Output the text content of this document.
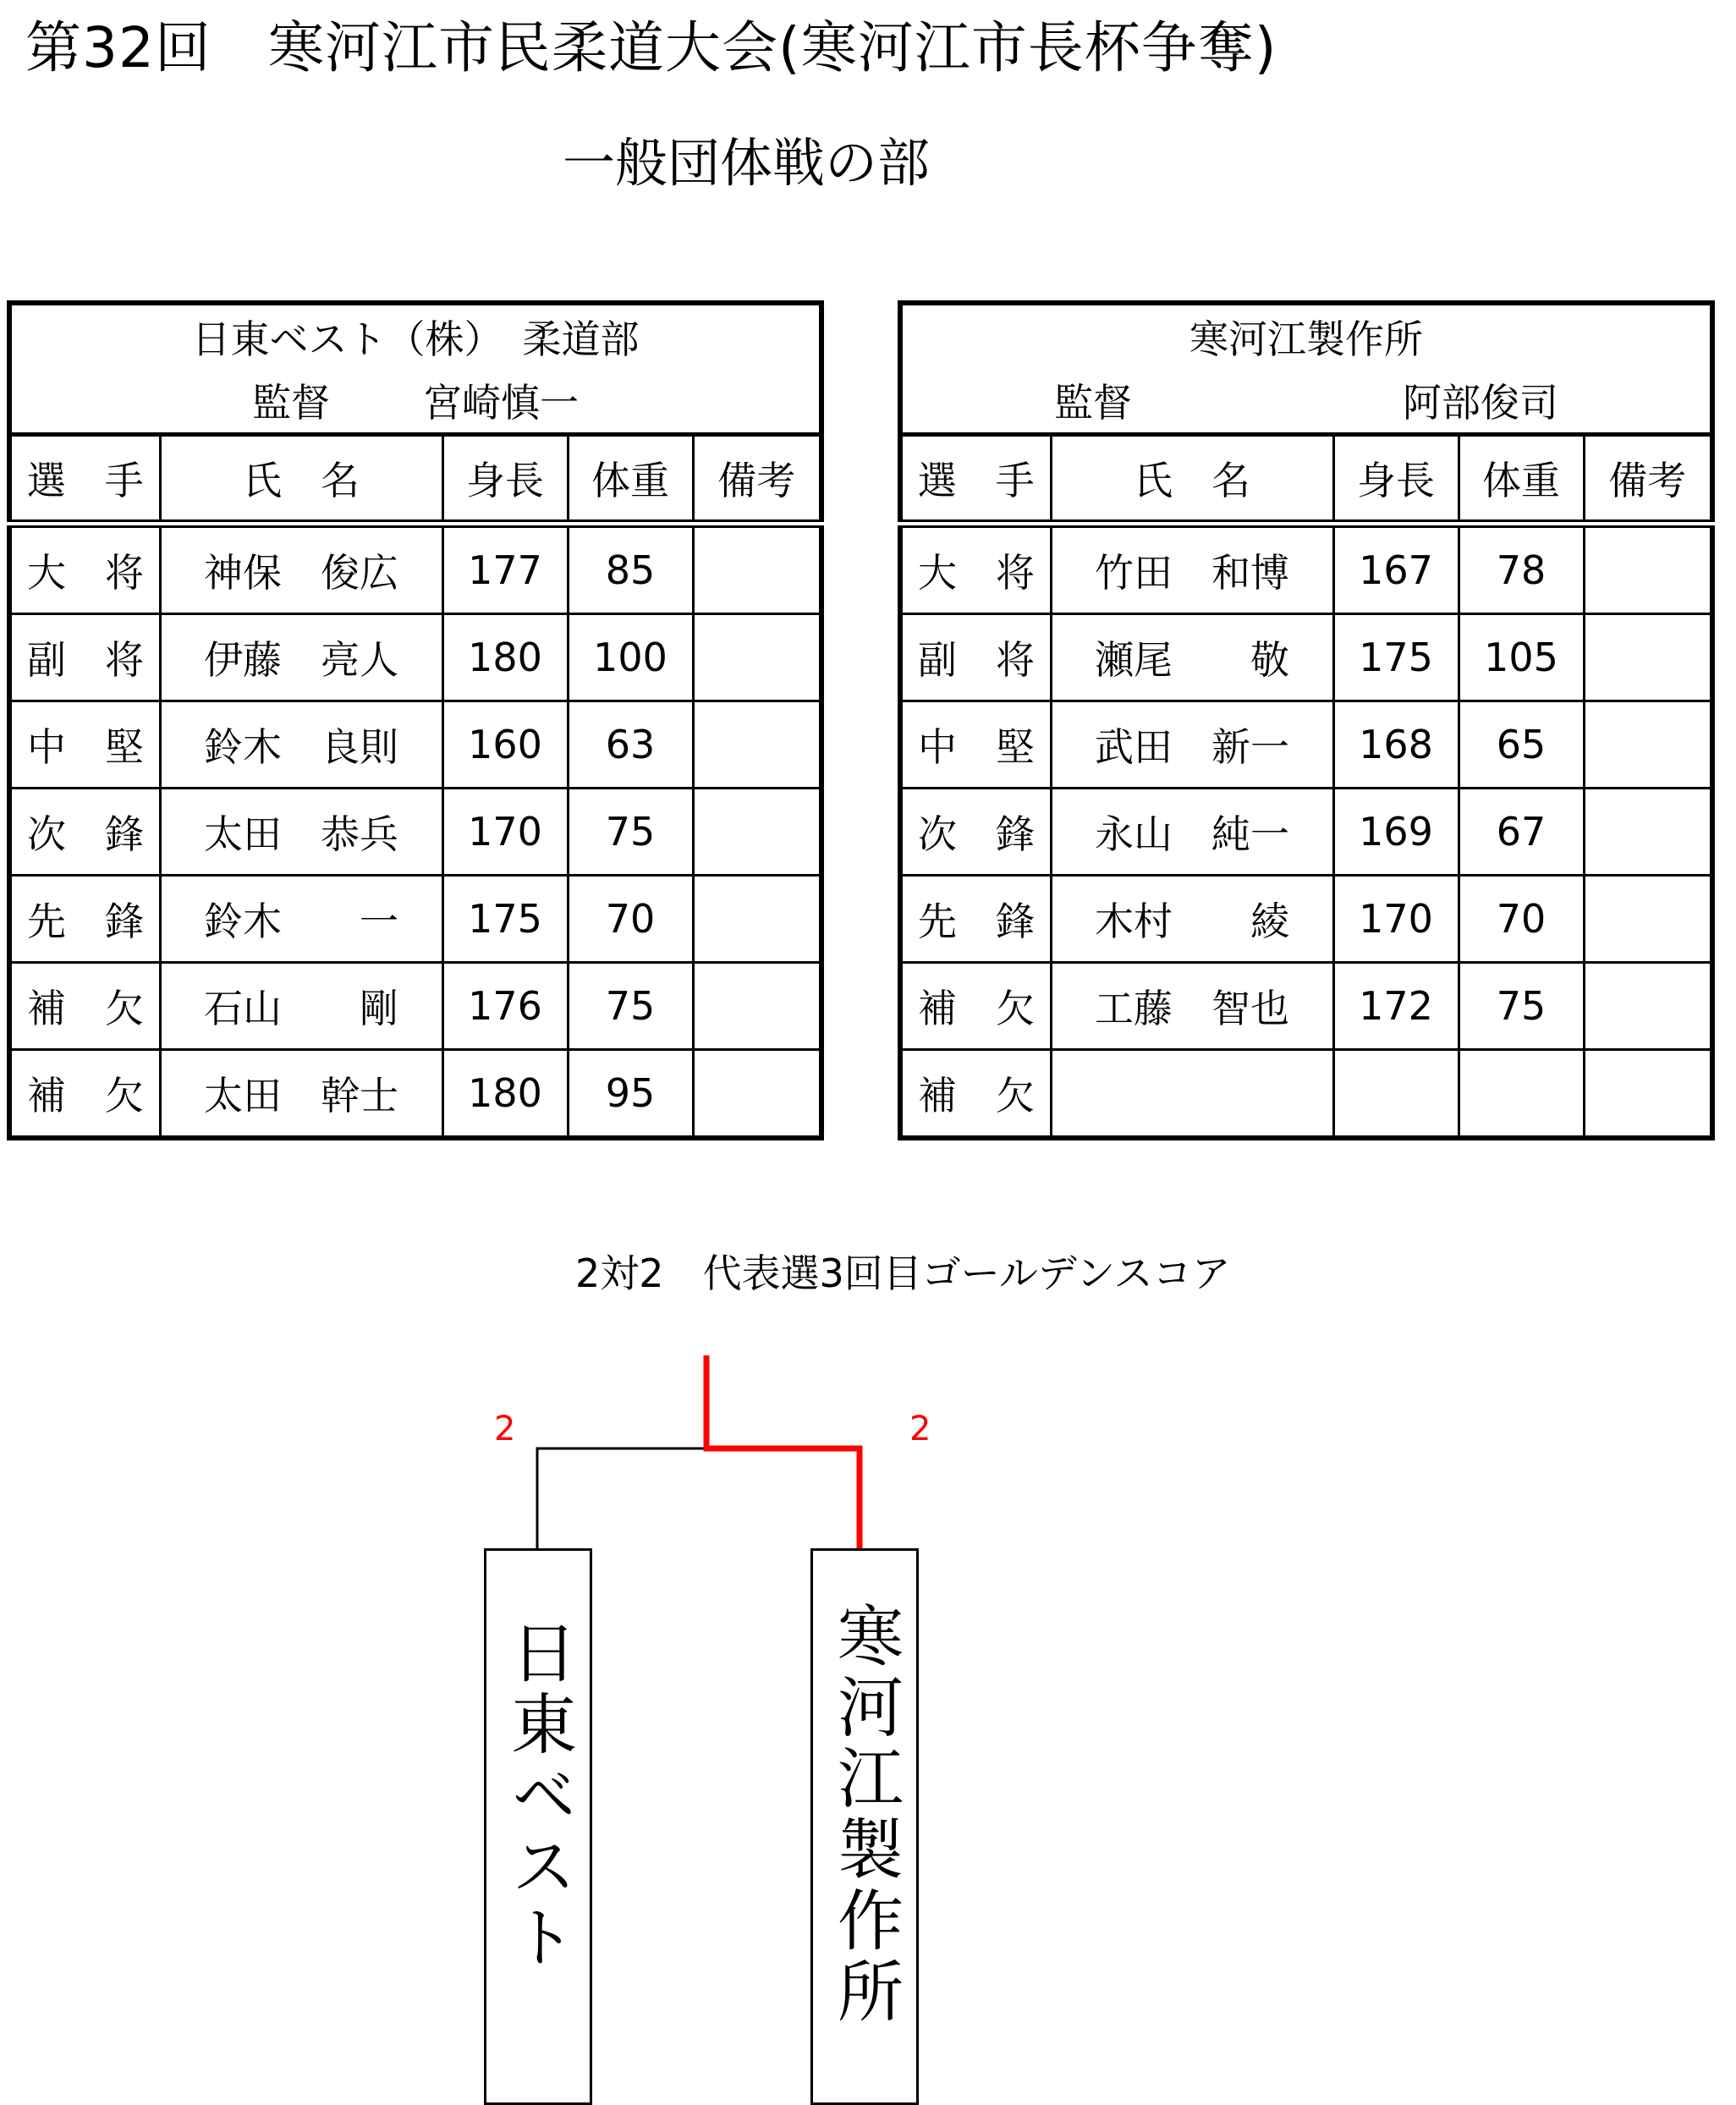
第32回　寒河江市民柔道大会(寒河江市長杯争奪)
一般団体戦の部
日東ベスト（株）　柔道部				
監督 宮崎慎一				
選　手	氏　名	身長	体重	備考
大　将	神保　俊広	177	85	
副　将	伊藤　亮人	180	100	
中　堅	鈴木　良則	160	63	
次　鋒	太田　恭兵	170	75	
先　鋒	鈴木　　一	175	70	
補　欠	石山　　剛	176	75	
補　欠	太田　幹士	180	95	
寒河江製作所				
監督 阿部俊司				
選　手	氏　名	身長	体重	備考
大　将	竹田　和博	167	78	
副　将	瀬尾　　敬	175	105	
中　堅	武田　新一	168	65	
次　鋒	永山　純一	169	67	
先　鋒	木村　　綾	170	70	
補　欠	工藤　智也	172	75	
補　欠				
2対2　代表選3回目ゴールデンスコア
2	2
日東ベスト	寒河江製作所
